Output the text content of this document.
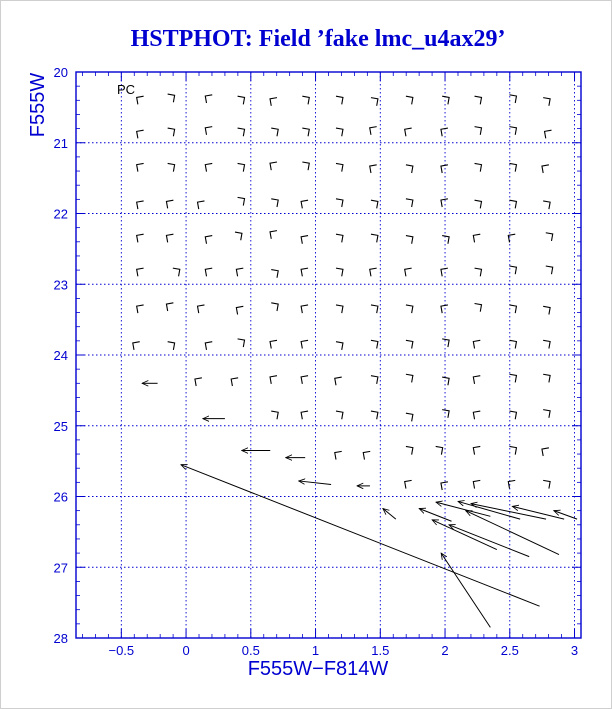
HSTPHOT: Field ’fake lmc_u4ax29’
−0.5	0	0.5	1	1.5	2	2.5	3
20
21
22
23
24
25
26
27
28
F555W−F814W
F555W	PC
